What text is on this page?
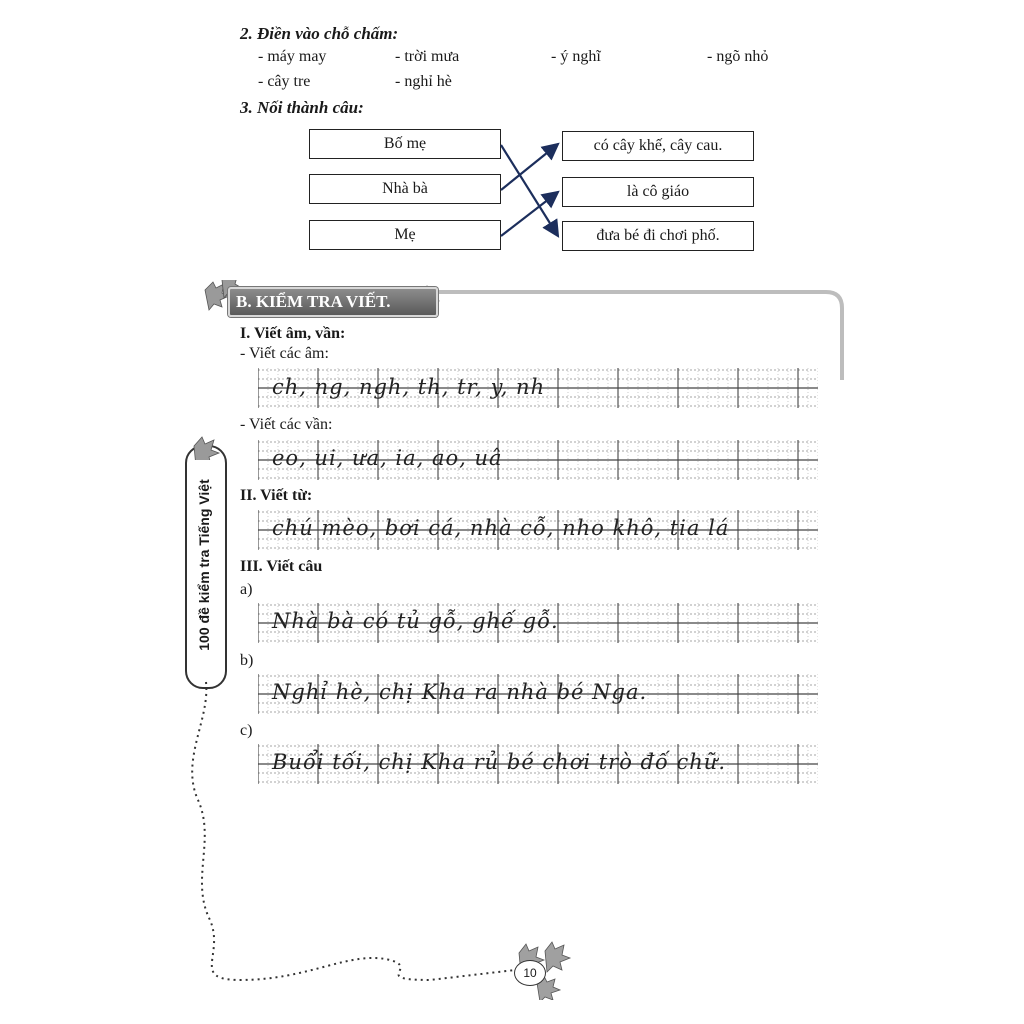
2. Điền vào chỗ chấm:
- máy may	- trời mưa	- ý nghĩ	- ngõ nhỏ
- cây tre	- nghỉ hè
3. Nối thành câu:
Bố mẹ
Nhà bà
Mẹ
có cây khế, cây cau.
là cô giáo
đưa bé đi chơi phố.
B. KIỂM TRA VIẾT.
100 đề kiểm tra Tiếng Việt
I. Viết âm, vần:
- Viết các âm:
ch, ng, ngh, th, tr, y, nh
- Viết các vần:
eo, ui, ưa, ia, ao, uâ
II. Viết từ:
chú mèo, bơi cá, nhà cỗ, nho khô, tia lá
III. Viết câu
a)
Nhà bà có tủ gỗ, ghế gỗ.
b)
Nghỉ hè, chị Kha ra nhà bé Nga.
c)
Buổi tối, chị Kha rủ bé chơi trò đố chữ.
10
